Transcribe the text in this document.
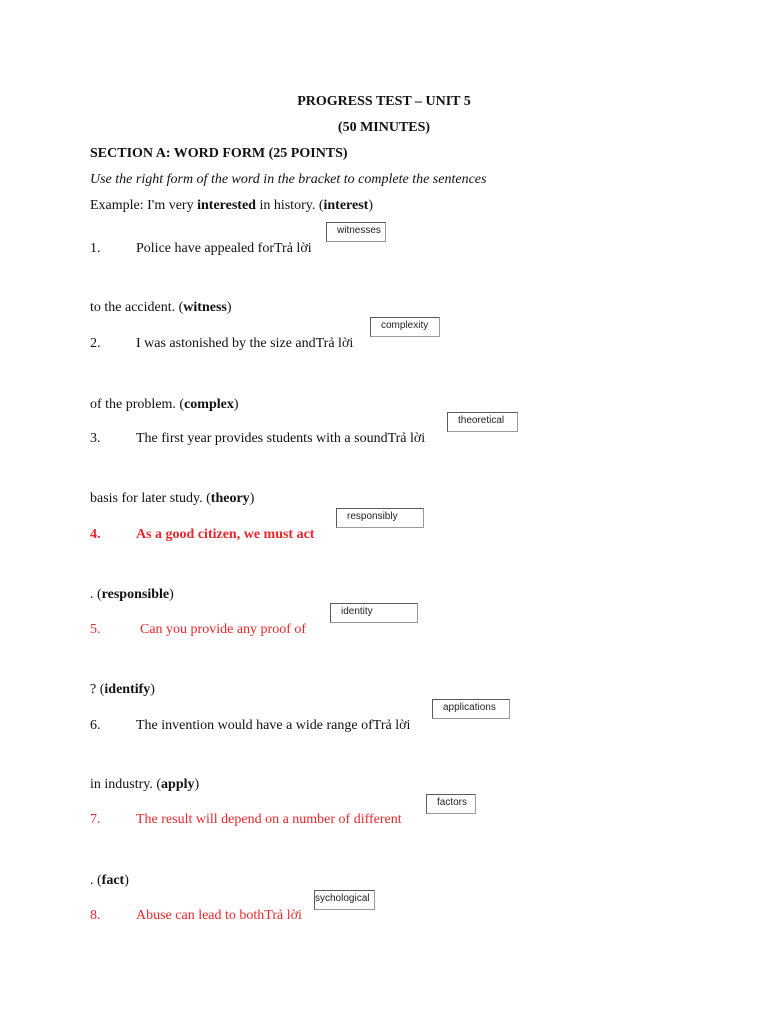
PROGRESS TEST – UNIT 5
(50 MINUTES)
SECTION A: WORD FORM (25 POINTS)
Use the right form of the word in the bracket to complete the sentences
Example: I'm very interested in history. (interest)
1.	Police have appealed forTrả lời
witnesses
to the accident. (witness)
2.	I was astonished by the size andTrả lời
complexity
of the problem. (complex)
3.	The first year provides students with a soundTrả lời
theoretical
basis for later study. (theory)
4.	As a good citizen, we must act
responsibly
. (responsible)
5.	Can you provide any proof of
identity
? (identify)
6.	The invention would have a wide range ofTrả lời
applications
in industry. (apply)
7.	The result will depend on a number of different
factors
. (fact)
8.	Abuse can lead to bothTrả lời
sychological
